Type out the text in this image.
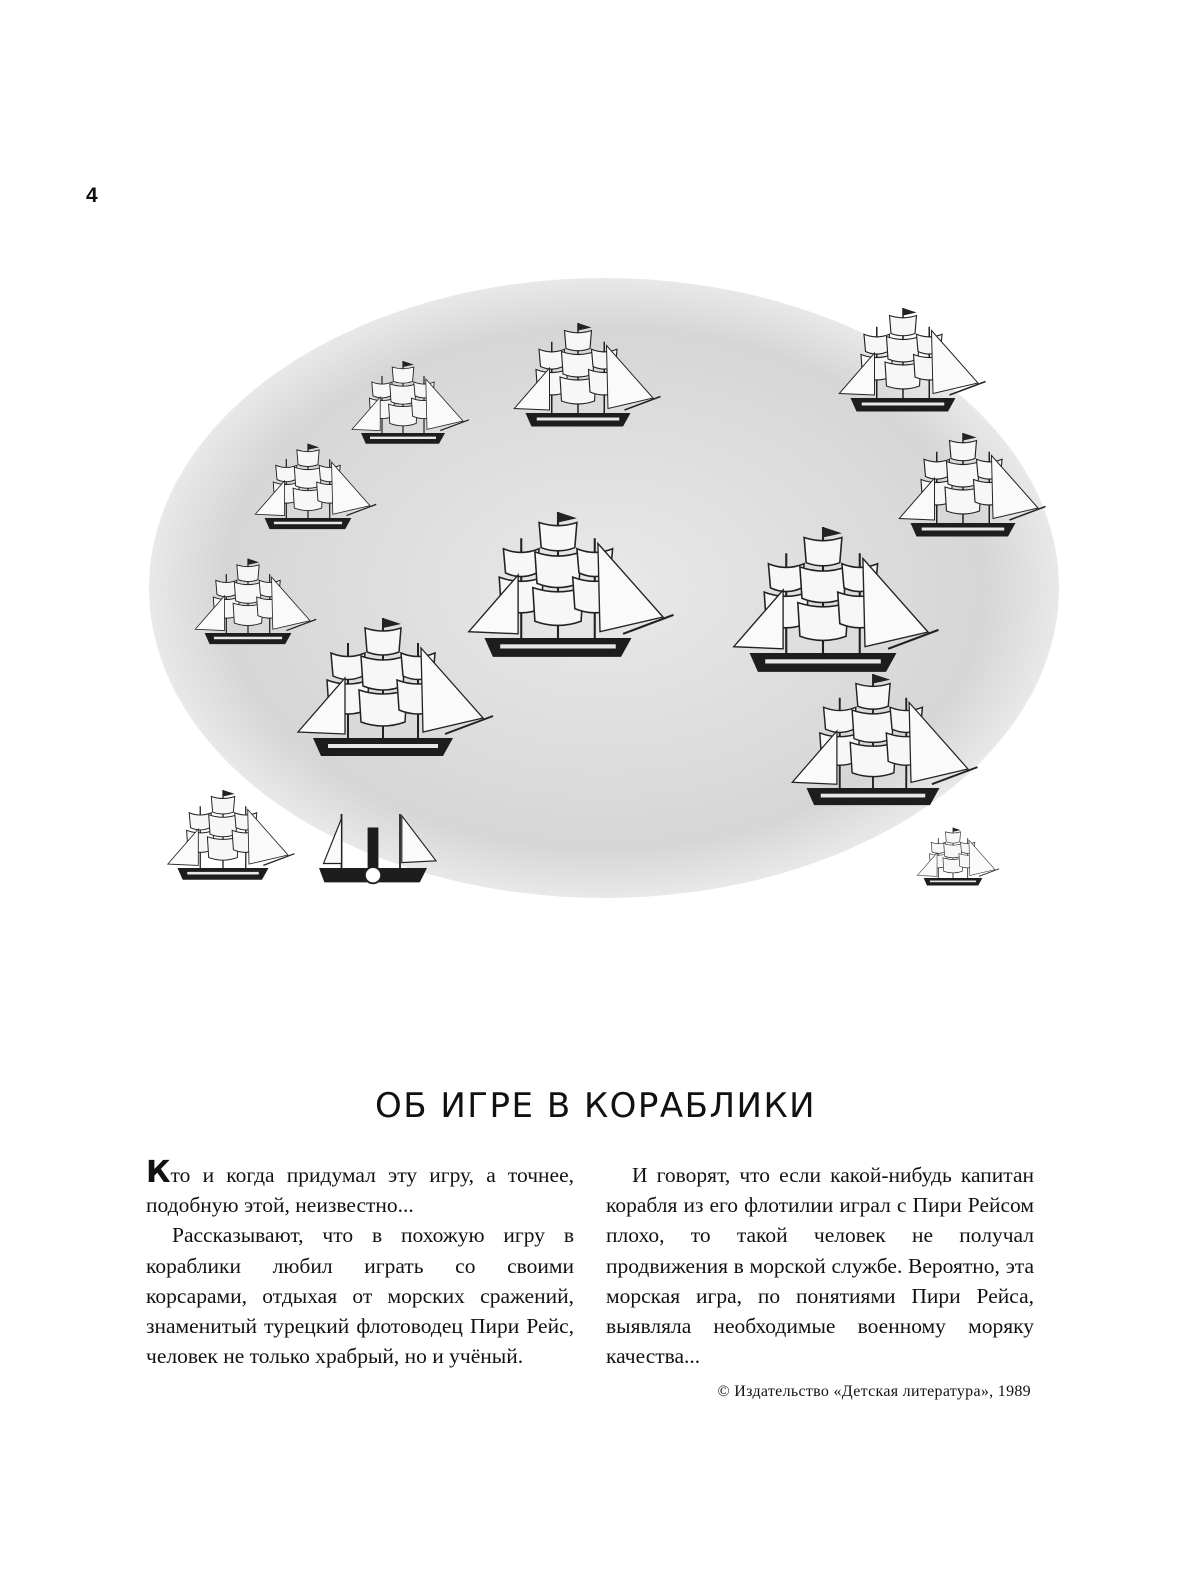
4
ОБ ИГРЕ В КОРАБЛИКИ

Кто и когда придумал эту игру, а точнее, подобную этой, неизвестно...

Рассказывают, что в похожую игру в кораблики любил играть со своими корсарами, отдыхая от морских сражений, знаменитый турецкий флотоводец Пири Рейс, человек не только храбрый, но и учёный.

И говорят, что если какой-нибудь капитан корабля из его флотилии играл с Пири Рейсом плохо, то такой человек не получал продвижения в морской службе. Вероятно, эта морская игра, по понятиями Пири Рейса, выявляла необходимые военному моряку качества...

© Издательство «Детская литература», 1989
